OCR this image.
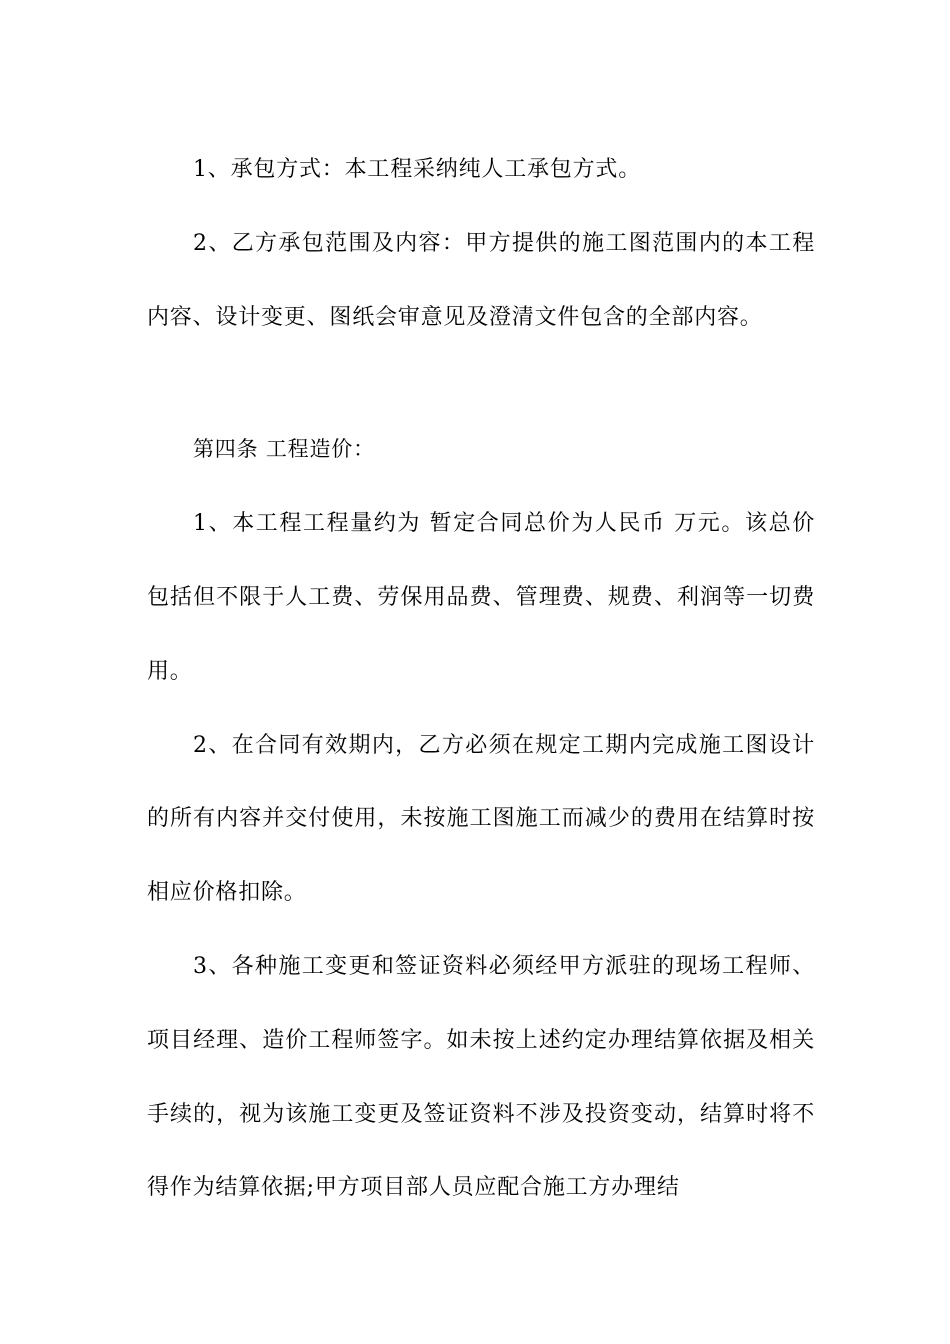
1、承包方式：本工程采纳纯人工承包方式。

2、乙方承包范围及内容：甲方提供的施工图范围内的本工程内容、设计变更、图纸会审意见及澄清文件包含的全部内容。

第四条 工程造价：

1、本工程工程量约为 暂定合同总价为人民币 万元。该总价包括但不限于人工费、劳保用品费、管理费、规费、利润等一切费用。

2、在合同有效期内，乙方必须在规定工期内完成施工图设计的所有内容并交付使用，未按施工图施工而减少的费用在结算时按相应价格扣除。

3、各种施工变更和签证资料必须经甲方派驻的现场工程师、项目经理、造价工程师签字。如未按上述约定办理结算依据及相关手续的，视为该施工变更及签证资料不涉及投资变动，结算时将不得作为结算依据;甲方项目部人员应配合施工方办理结
